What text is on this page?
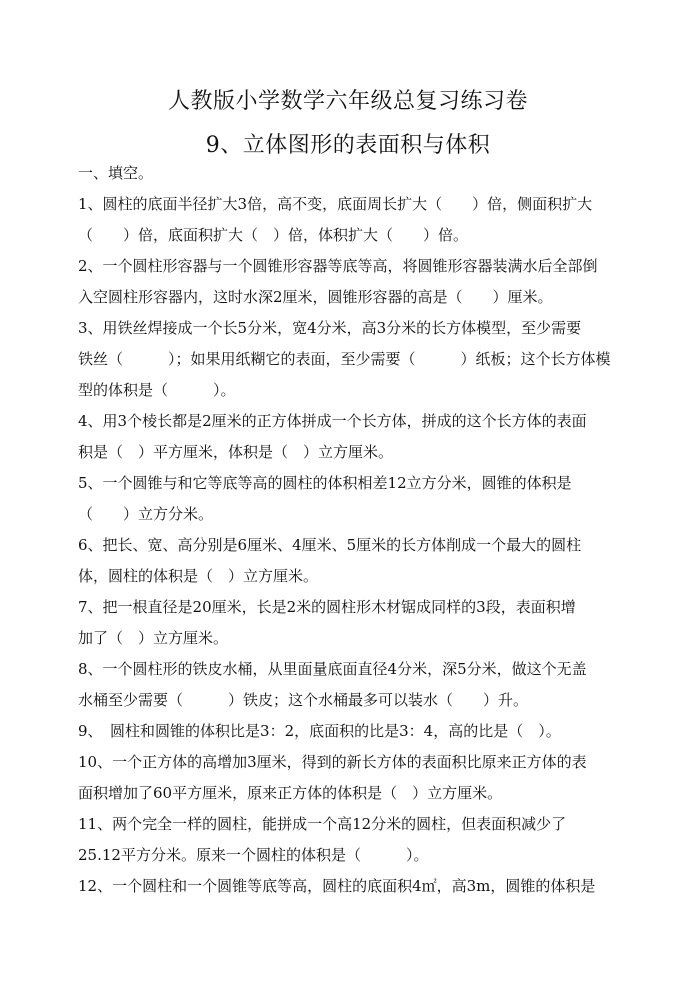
人教版小学数学六年级总复习练习卷
9、立体图形的表面积与体积
一、填空。
1、圆柱的底面半径扩大3倍，高不变，底面周长扩大（　　）倍，侧面积扩大
（　　）倍，底面积扩大（　）倍，体积扩大（　　）倍。
2、一个圆柱形容器与一个圆锥形容器等底等高，将圆锥形容器装满水后全部倒
入空圆柱形容器内，这时水深2厘米，圆锥形容器的高是（　　）厘米。
3、用铁丝焊接成一个长5分米，宽4分米，高3分米的长方体模型，至少需要
铁丝（　　　）；如果用纸糊它的表面，至少需要（　　　）纸板；这个长方体模
型的体积是（　　　）。
4、用3个棱长都是2厘米的正方体拼成一个长方体，拼成的这个长方体的表面
积是（　）平方厘米，体积是（　）立方厘米。
5、一个圆锥与和它等底等高的圆柱的体积相差12立方分米，圆锥的体积是
（　　）立方分米。
6、把长、宽、高分别是6厘米、4厘米、5厘米的长方体削成一个最大的圆柱
体，圆柱的体积是（　）立方厘米。
7、把一根直径是20厘米，长是2米的圆柱形木材锯成同样的3段，表面积增
加了（　）立方厘米。
8、一个圆柱形的铁皮水桶，从里面量底面直径4分米，深5分米，做这个无盖
水桶至少需要（　　　）铁皮；这个水桶最多可以装水（　　）升。
9、　圆柱和圆锥的体积比是3：2，底面积的比是3：4，高的比是（　）。
10、一个正方体的高增加3厘米，得到的新长方体的表面积比原来正方体的表
面积增加了60平方厘米，原来正方体的体积是（　）立方厘米。
11、两个完全一样的圆柱，能拼成一个高12分米的圆柱，但表面积减少了
25.12平方分米。原来一个圆柱的体积是（　　　）。
12、一个圆柱和一个圆锥等底等高，圆柱的底面积4㎡，高3m，圆锥的体积是
